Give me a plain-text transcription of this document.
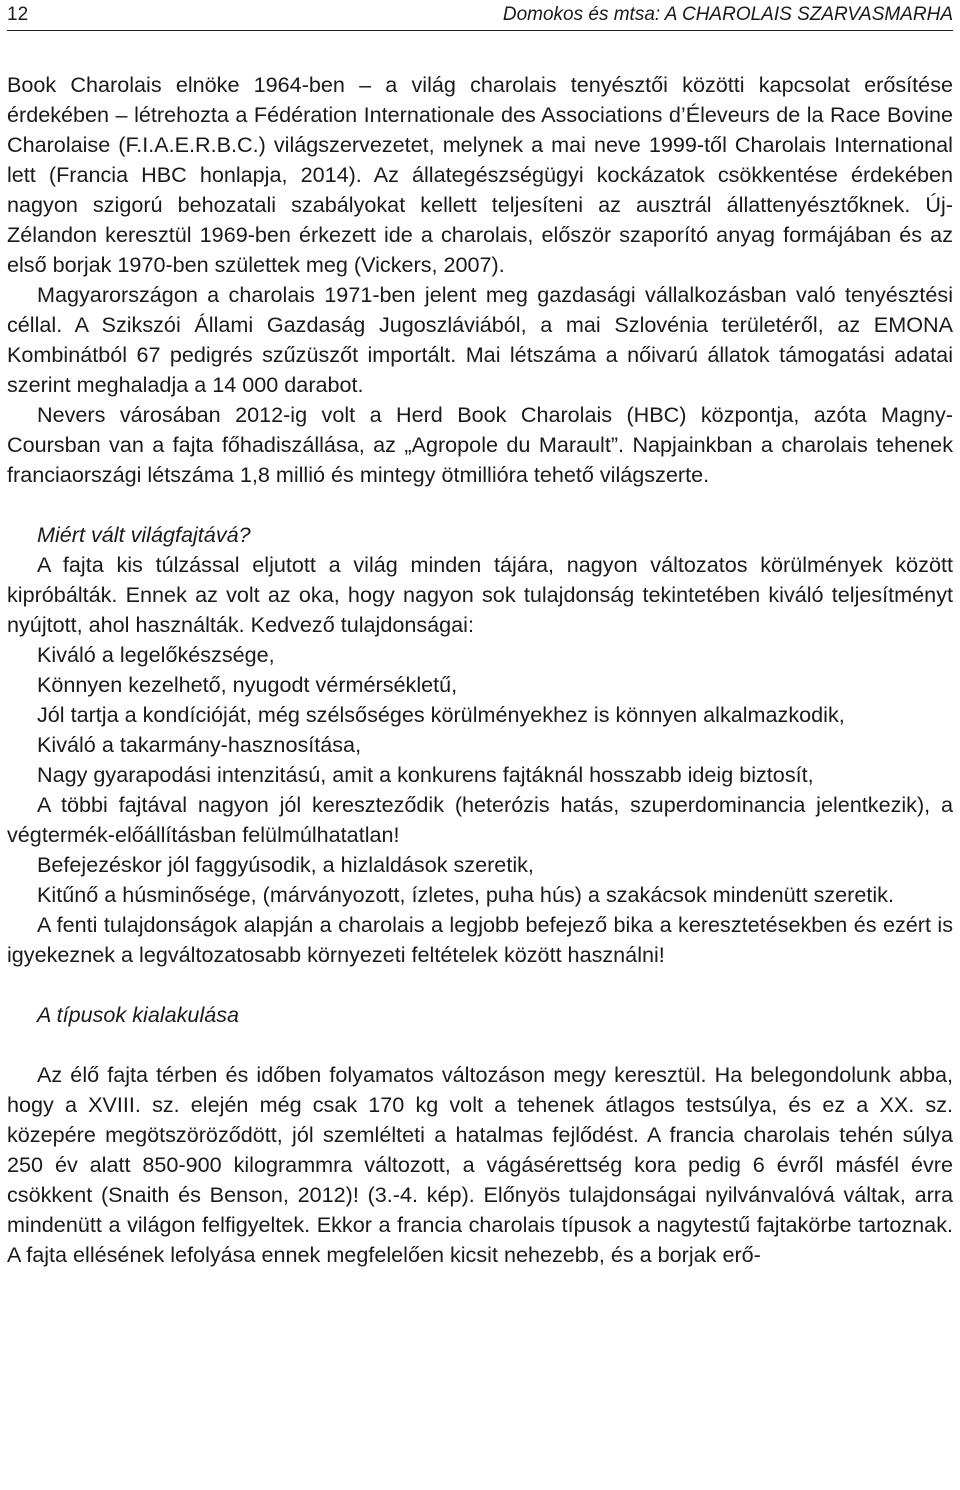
12	Domokos és mtsa: A CHAROLAIS SZARVASMARHA

Book Charolais elnöke 1964-ben – a világ charolais tenyésztői közötti kapcsolat erősítése érdekében – létrehozta a Fédération Internationale des Associations d’Éleveurs de la Race Bovine Charolaise (F.I.A.E.R.B.C.) világszervezetet, melynek a mai neve 1999-től Charolais International lett (Francia HBC honlapja, 2014). Az állategészségügyi kockázatok csökkentése érdekében nagyon szigorú behozatali szabályokat kellett teljesíteni az ausztrál állattenyésztőknek. Új-Zélandon keresztül 1969-ben érkezett ide a charolais, először szaporító anyag formájában és az első borjak 1970-ben születtek meg (Vickers, 2007).

Magyarországon a charolais 1971-ben jelent meg gazdasági vállalkozásban való tenyésztési céllal. A Szikszói Állami Gazdaság Jugoszláviából, a mai Szlovénia területéről, az EMONA Kombinátból 67 pedigrés szűzüszőt importált. Mai létszáma a nőivarú állatok támogatási adatai szerint meghaladja a 14 000 darabot.

Nevers városában 2012-ig volt a Herd Book Charolais (HBC) központja, azóta Magny-Coursban van a fajta főhadiszállása, az „Agropole du Marault”. Napjainkban a charolais tehenek franciaországi létszáma 1,8 millió és mintegy ötmillióra tehető világszerte.

Miért vált világfajtává?

A fajta kis túlzással eljutott a világ minden tájára, nagyon változatos körülmények között kipróbálták. Ennek az volt az oka, hogy nagyon sok tulajdonság tekintetében kiváló teljesítményt nyújtott, ahol használták. Kedvező tulajdonságai:

Kiváló a legelőkészsége,

Könnyen kezelhető, nyugodt vérmérsékletű,

Jól tartja a kondícióját, még szélsőséges körülményekhez is könnyen alkalmazkodik,

Kiváló a takarmány-hasznosítása,

Nagy gyarapodási intenzitású, amit a konkurens fajtáknál hosszabb ideig biztosít,

A többi fajtával nagyon jól kereszteződik (heterózis hatás, szuperdominancia jelentkezik), a végtermék-előállításban felülmúlhatatlan!

Befejezéskor jól faggyúsodik, a hizlaldások szeretik,

Kitűnő a húsminősége, (márványozott, ízletes, puha hús) a szakácsok mindenütt szeretik.

A fenti tulajdonságok alapján a charolais a legjobb befejező bika a keresztetésekben és ezért is igyekeznek a legváltozatosabb környezeti feltételek között használni!

A típusok kialakulása

Az élő fajta térben és időben folyamatos változáson megy keresztül. Ha belegondolunk abba, hogy a XVIII. sz. elején még csak 170 kg volt a tehenek átlagos testsúlya, és ez a XX. sz. közepére megötszöröződött, jól szemlélteti a hatalmas fejlődést. A francia charolais tehén súlya 250 év alatt 850-900 kilogrammra változott, a vágásérettség kora pedig 6 évről másfél évre csökkent (Snaith és Benson, 2012)! (3.-4. kép). Előnyös tulajdonságai nyilvánvalóvá váltak, arra mindenütt a világon felfigyeltek. Ekkor a francia charolais típusok a nagytestű fajtakörbe tartoznak. A fajta ellésének lefolyása ennek megfelelően kicsit nehezebb, és a borjak erő-
